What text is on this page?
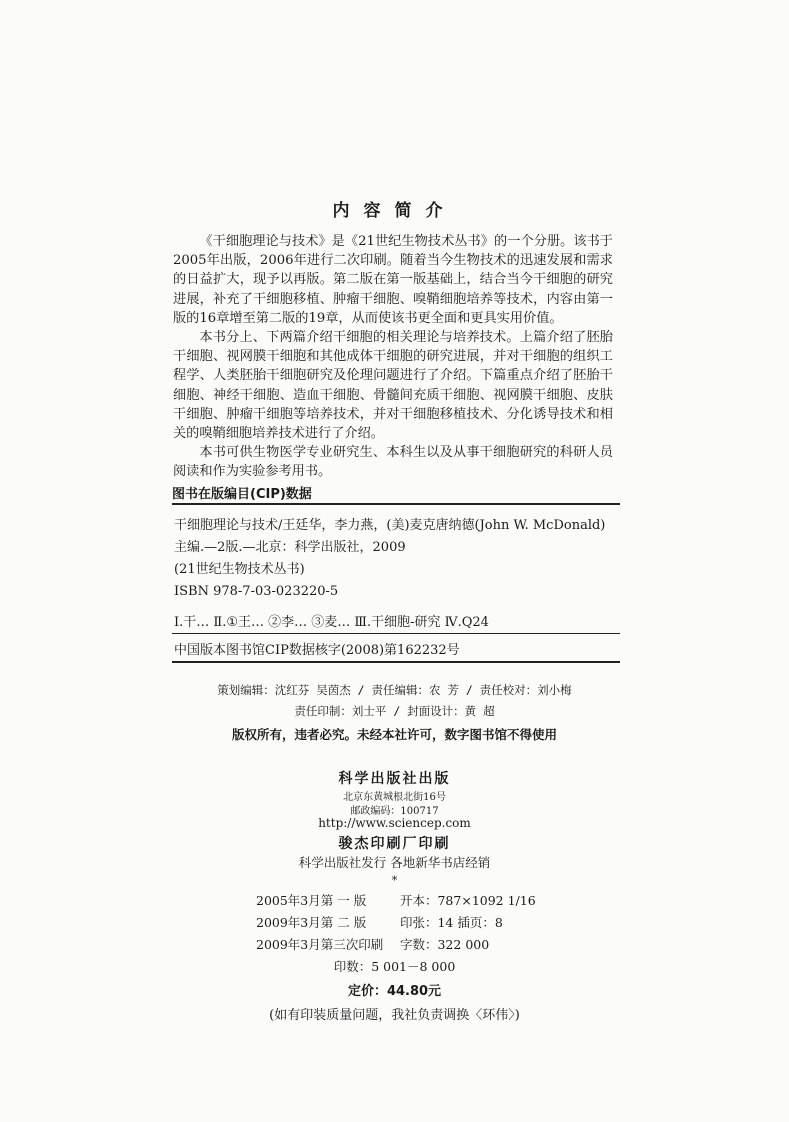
内容简介

《干细胞理论与技术》是《21世纪生物技术丛书》的一个分册。该书于2005年出版，2006年进行二次印刷。随着当今生物技术的迅速发展和需求的日益扩大，现予以再版。第二版在第一版基础上，结合当今干细胞的研究进展，补充了干细胞移植、肿瘤干细胞、嗅鞘细胞培养等技术，内容由第一版的16章增至第二版的19章，从而使该书更全面和更具实用价值。

本书分上、下两篇介绍干细胞的相关理论与培养技术。上篇介绍了胚胎干细胞、视网膜干细胞和其他成体干细胞的研究进展，并对干细胞的组织工程学、人类胚胎干细胞研究及伦理问题进行了介绍。下篇重点介绍了胚胎干细胞、神经干细胞、造血干细胞、骨髓间充质干细胞、视网膜干细胞、皮肤干细胞、肿瘤干细胞等培养技术，并对干细胞移植技术、分化诱导技术和相关的嗅鞘细胞培养技术进行了介绍。

本书可供生物医学专业研究生、本科生以及从事干细胞研究的科研人员阅读和作为实验参考用书。

图书在版编目(CIP)数据
干细胞理论与技术/王廷华，李力燕，(美)麦克唐纳德(John W. McDonald)
主编.—2版.—北京：科学出版社，2009
(21世纪生物技术丛书)
ISBN 978-7-03-023220-5
Ⅰ.干… Ⅱ.①王… ②李… ③麦… Ⅲ.干细胞-研究 Ⅳ.Q24
中国版本图书馆CIP数据核字(2008)第162232号
策划编辑：沈红芬 吴茵杰 / 责任编辑：农 芳 / 责任校对：刘小梅
责任印制：刘士平 / 封面设计：黄 超
版权所有，违者必究。未经本社许可，数字图书馆不得使用
科学出版社出版
北京东黄城根北街16号
邮政编码：100717
http://www.sciencep.com
骏杰印刷厂印刷
科学出版社发行 各地新华书店经销
*
2005年3月第 一 版	开本：787×1092 1/16
2009年3月第 二 版	印张：14 插页：8
2009年3月第三次印刷 字数：322 000
印数：5 001－8 000
定价：44.80元
(如有印装质量问题，我社负责调换〈环伟〉)
